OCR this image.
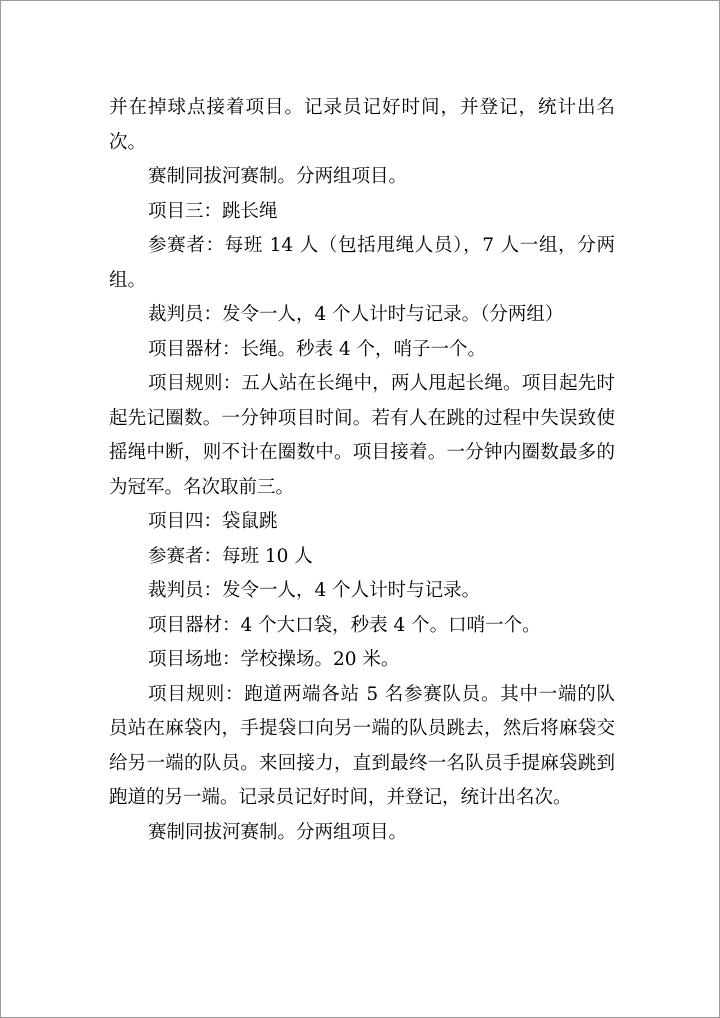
并在掉球点接着项目。记录员记好时间，并登记，统计出名次。

赛制同拔河赛制。分两组项目。

项目三：跳长绳

参赛者：每班 14 人（包括甩绳人员），7 人一组，分两组。

裁判员：发令一人，4 个人计时与记录。（分两组）

项目器材：长绳。秒表 4 个，哨子一个。

项目规则：五人站在长绳中，两人甩起长绳。项目起先时起先记圈数。一分钟项目时间。若有人在跳的过程中失误致使摇绳中断，则不计在圈数中。项目接着。一分钟内圈数最多的为冠军。名次取前三。

项目四：袋鼠跳

参赛者：每班 10 人

裁判员：发令一人，4 个人计时与记录。

项目器材：4 个大口袋，秒表 4 个。口哨一个。

项目场地：学校操场。20 米。

项目规则：跑道两端各站 5 名参赛队员。其中一端的队员站在麻袋内，手提袋口向另一端的队员跳去，然后将麻袋交给另一端的队员。来回接力，直到最终一名队员手提麻袋跳到跑道的另一端。记录员记好时间，并登记，统计出名次。

赛制同拔河赛制。分两组项目。
